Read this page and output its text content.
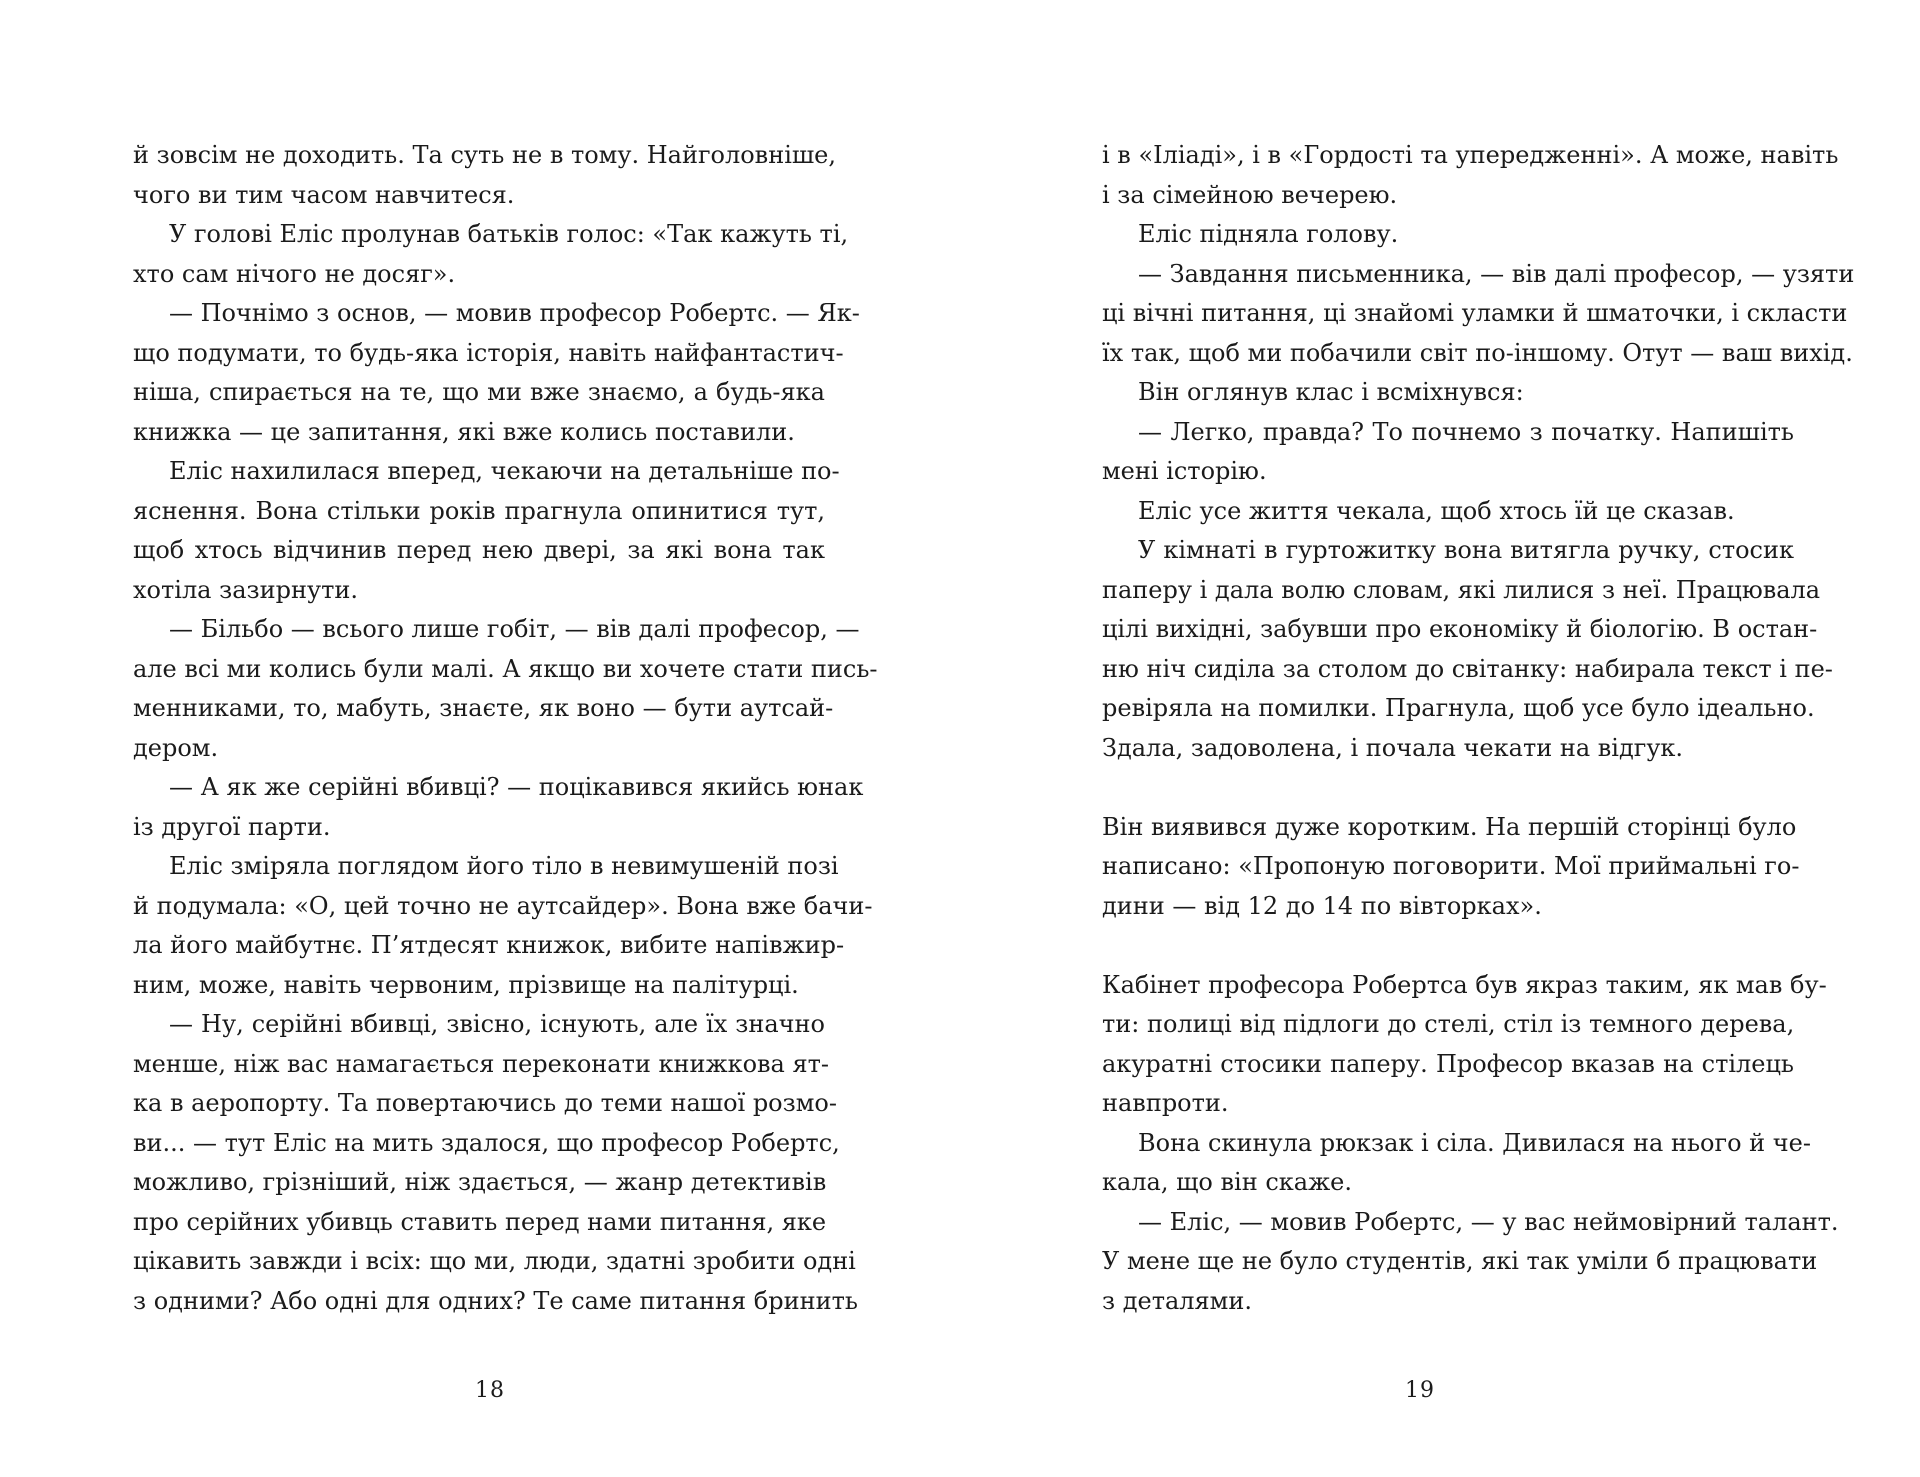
й зовсім не доходить. Та суть не в тому. Найголовніше,
чого ви тим часом навчитеся.
У голові Еліс пролунав батьків голос: «Так кажуть ті,
хто сам нічого не досяг».
— Почнімо з основ, — мовив професор Робертс. — Як-
що подумати, то будь-яка історія, навіть найфантастич-
ніша, спирається на те, що ми вже знаємо, а будь-яка
книжка — це запитання, які вже колись поставили.
Еліс нахилилася вперед, чекаючи на детальніше по-
яснення. Вона стільки років прагнула опинитися тут,
щоб хтось відчинив перед нею двері, за які вона так
хотіла зазирнути.
— Більбо — всього лише гобіт, — вів далі професор, —
але всі ми колись були малі. А якщо ви хочете стати пись-
менниками, то, мабуть, знаєте, як воно — бути аутсай-
дером.
— А як же серійні вбивці? — поцікавився якийсь юнак
із другої парти.
Еліс зміряла поглядом його тіло в невимушеній позі
й подумала: «О, цей точно не аутсайдер». Вона вже бачи-
ла його майбутнє. П’ятдесят книжок, вибите напівжир-
ним, може, навіть червоним, прізвище на палітурці.
— Ну, серійні вбивці, звісно, існують, але їх значно
менше, ніж вас намагається переконати книжкова ят-
ка в аеропорту. Та повертаючись до теми нашої розмо-
ви... — тут Еліс на мить здалося, що професор Робертс,
можливо, грізніший, ніж здається, — жанр детективів
про серійних убивць ставить перед нами питання, яке
цікавить завжди і всіх: що ми, люди, здатні зробити одні
з одними? Або одні для одних? Те саме питання бринить
18
і в «Іліаді», і в «Гордості та упередженні». А може, навіть
і за сімейною вечерею.
Еліс підняла голову.
— Завдання письменника, — вів далі професор, — узяти
ці вічні питання, ці знайомі уламки й шматочки, і скласти
їх так, щоб ми побачили світ по-іншому. Отут — ваш вихід.
Він оглянув клас і всміхнувся:
— Легко, правда? То почнемо з початку. Напишіть
мені історію.
Еліс усе життя чекала, щоб хтось їй це сказав.
У кімнаті в гуртожитку вона витягла ручку, стосик
паперу і дала волю словам, які лилися з неї. Працювала
цілі вихідні, забувши про економіку й біологію. В остан-
ню ніч сиділа за столом до світанку: набирала текст і пе-
ревіряла на помилки. Прагнула, щоб усе було ідеально.
Здала, задоволена, і почала чекати на відгук.
Він виявився дуже коротким. На першій сторінці було
написано: «Пропоную поговорити. Мої приймальні го-
дини — від 12 до 14 по вівторках».
Кабінет професора Робертса був якраз таким, як мав бу-
ти: полиці від підлоги до стелі, стіл із темного дерева,
акуратні стосики паперу. Професор вказав на стілець
навпроти.
Вона скинула рюкзак і сіла. Дивилася на нього й че-
кала, що він скаже.
— Еліс, — мовив Робертс, — у вас неймовірний талант.
У мене ще не було студентів, які так уміли б працювати
з деталями.
19
